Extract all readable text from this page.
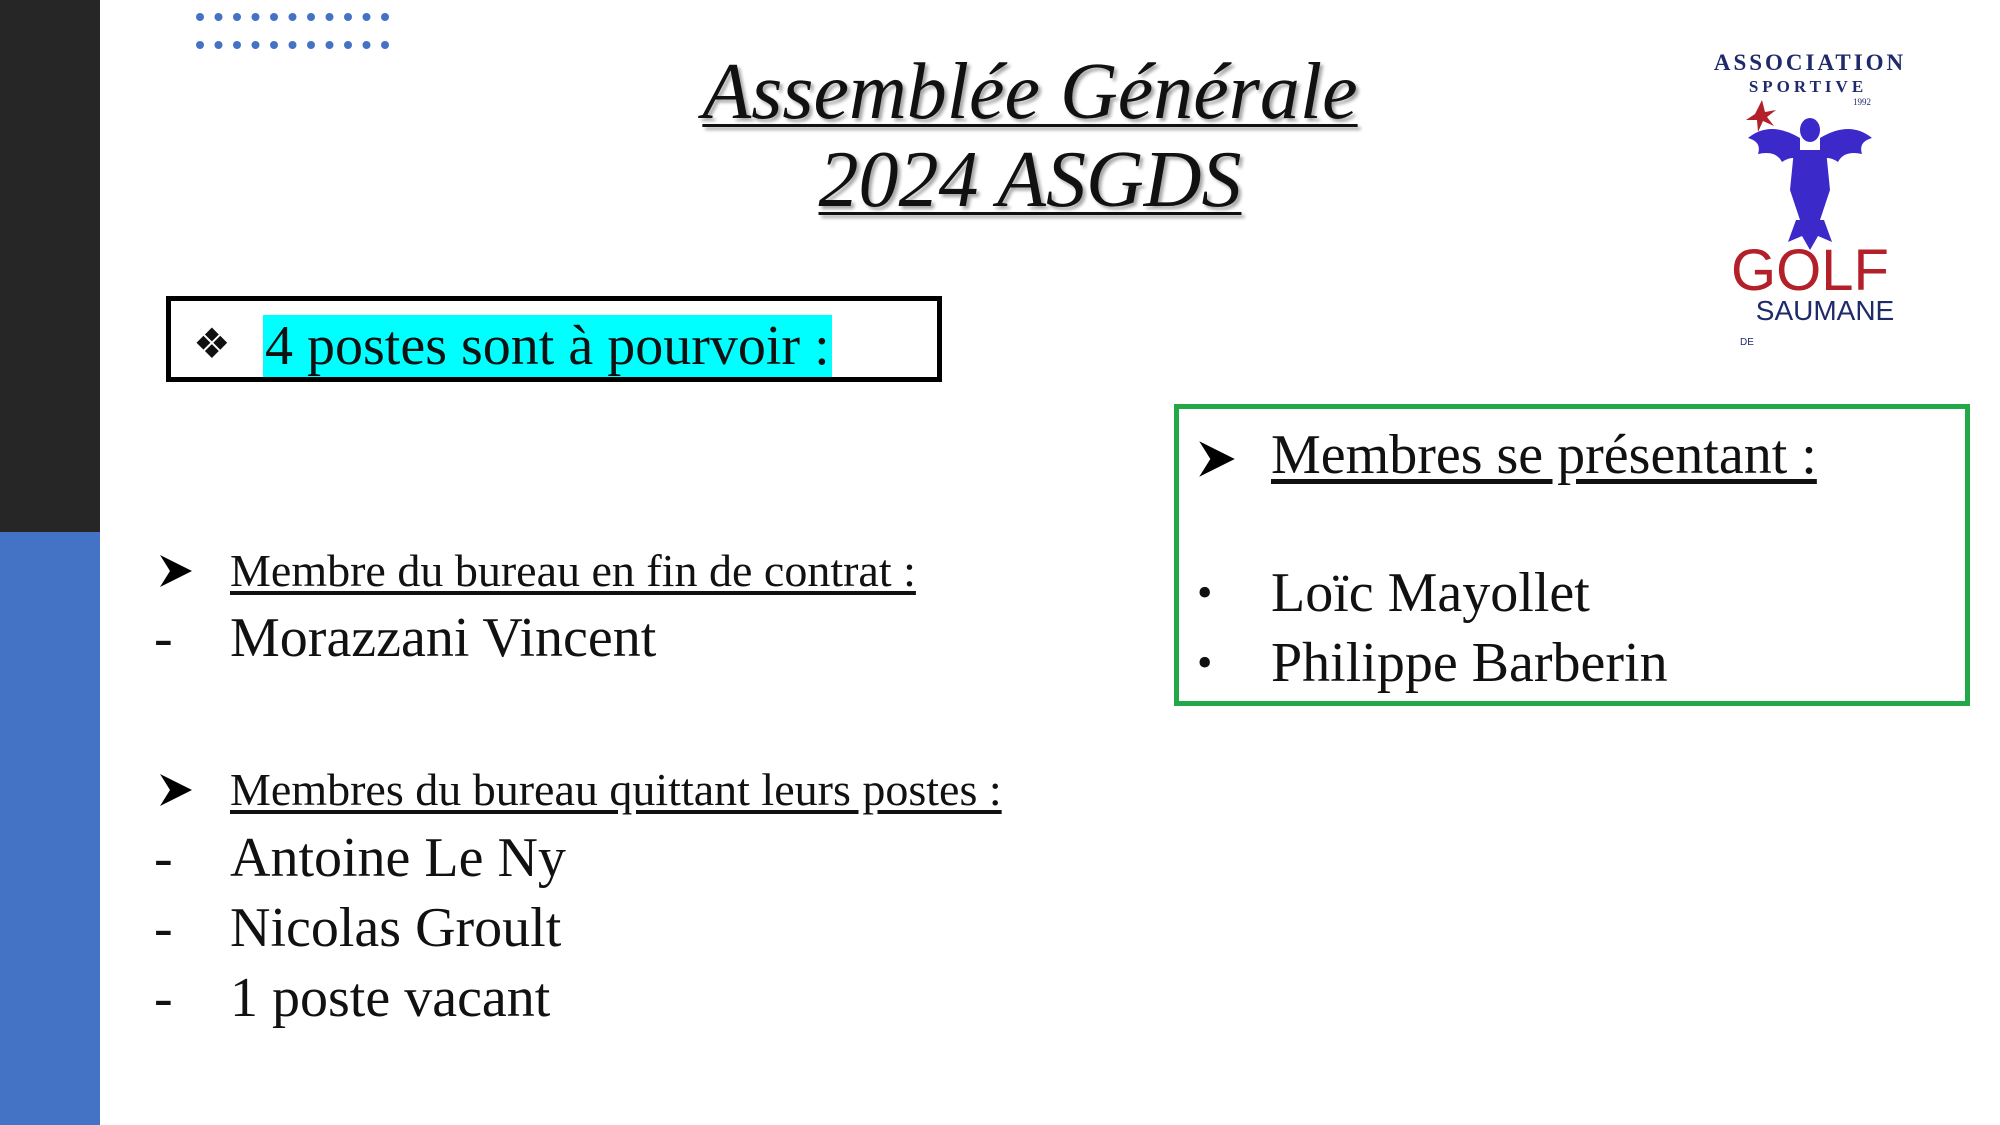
Assemblée Générale
2024 ASGDS
ASSOCIATION
SPORTIVE
1992
GOLF
DE
SAUMANE
❖ 4 postes sont à pourvoir :
Membre du bureau en fin de contrat :
- Morazzani Vincent
Membres du bureau quittant leurs postes :
- Antoine Le Ny
- Nicolas Groult
- 1 poste vacant
Membres se présentant :
• Loïc Mayollet
• Philippe Barberin
